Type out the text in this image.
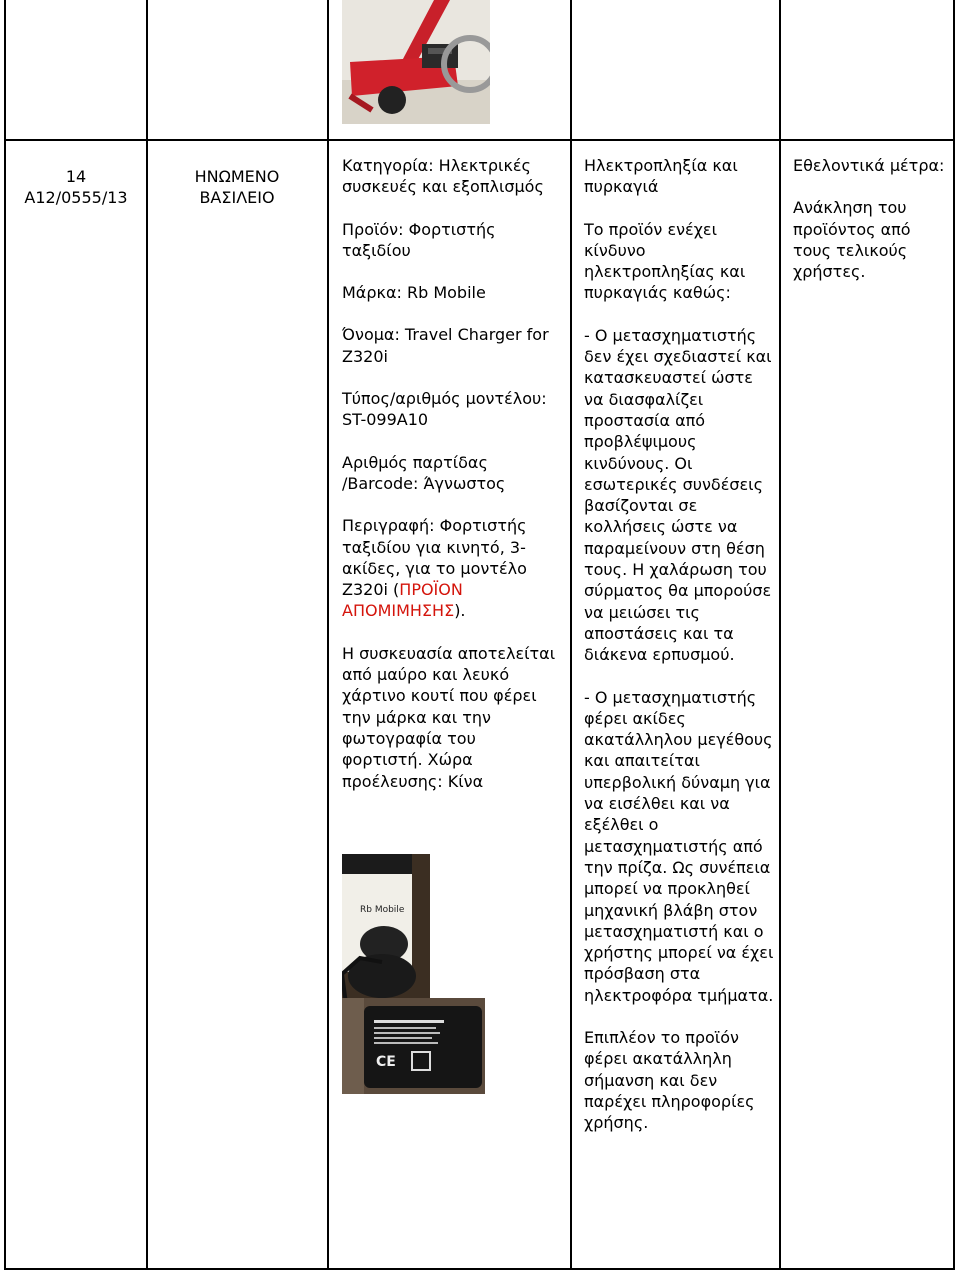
14
A12/0555/13
ΗΝΩΜΕΝΟ
ΒΑΣΙΛΕΙΟ

Κατηγορία: Ηλεκτρικές συσκευές και εξοπλισμός

Προϊόν: Φορτιστής ταξιδίου

Μάρκα: Rb Mobile

Όνομα: Travel Charger for Z320i

Τύπος/αριθμός μοντέλου: ST-099A10

Αριθμός παρτίδας /Barcode: Άγνωστος

Περιγραφή: Φορτιστής ταξιδίου για κινητό, 3-ακίδες, για το μοντέλο Z320i (ΠΡΟΪΟΝ ΑΠΟΜΙΜΗΣΗΣ).

Η συσκευασία αποτελείται από μαύρο και λευκό χάρτινο κουτί που φέρει την μάρκα και την φωτογραφία του φορτιστή. Χώρα προέλευσης: Κίνα

Rb Mobile
CE

Ηλεκτροπληξία και πυρκαγιά

Το προϊόν ενέχει κίνδυνο ηλεκτροπληξίας και πυρκαγιάς καθώς:

- Ο μετασχηματιστής δεν έχει σχεδιαστεί και κατασκευαστεί ώστε να διασφαλίζει προστασία από προβλέψιμους κινδύνους. Οι εσωτερικές συνδέσεις βασίζονται σε κολλήσεις ώστε να παραμείνουν στη θέση τους. Η χαλάρωση του σύρματος θα μπορούσε να μειώσει τις αποστάσεις και τα διάκενα ερπυσμού.

- Ο μετασχηματιστής φέρει ακίδες ακατάλληλου μεγέθους και απαιτείται υπερβολική δύναμη για να εισέλθει και να εξέλθει ο μετασχηματιστής από την πρίζα. Ως συνέπεια μπορεί να προκληθεί μηχανική βλάβη στον μετασχηματιστή και ο χρήστης μπορεί να έχει πρόσβαση στα ηλεκτροφόρα τμήματα.

Επιπλέον το προϊόν φέρει ακατάλληλη σήμανση και δεν παρέχει πληροφορίες χρήσης.

Εθελοντικά μέτρα:

Ανάκληση του προϊόντος από τους τελικούς χρήστες.
